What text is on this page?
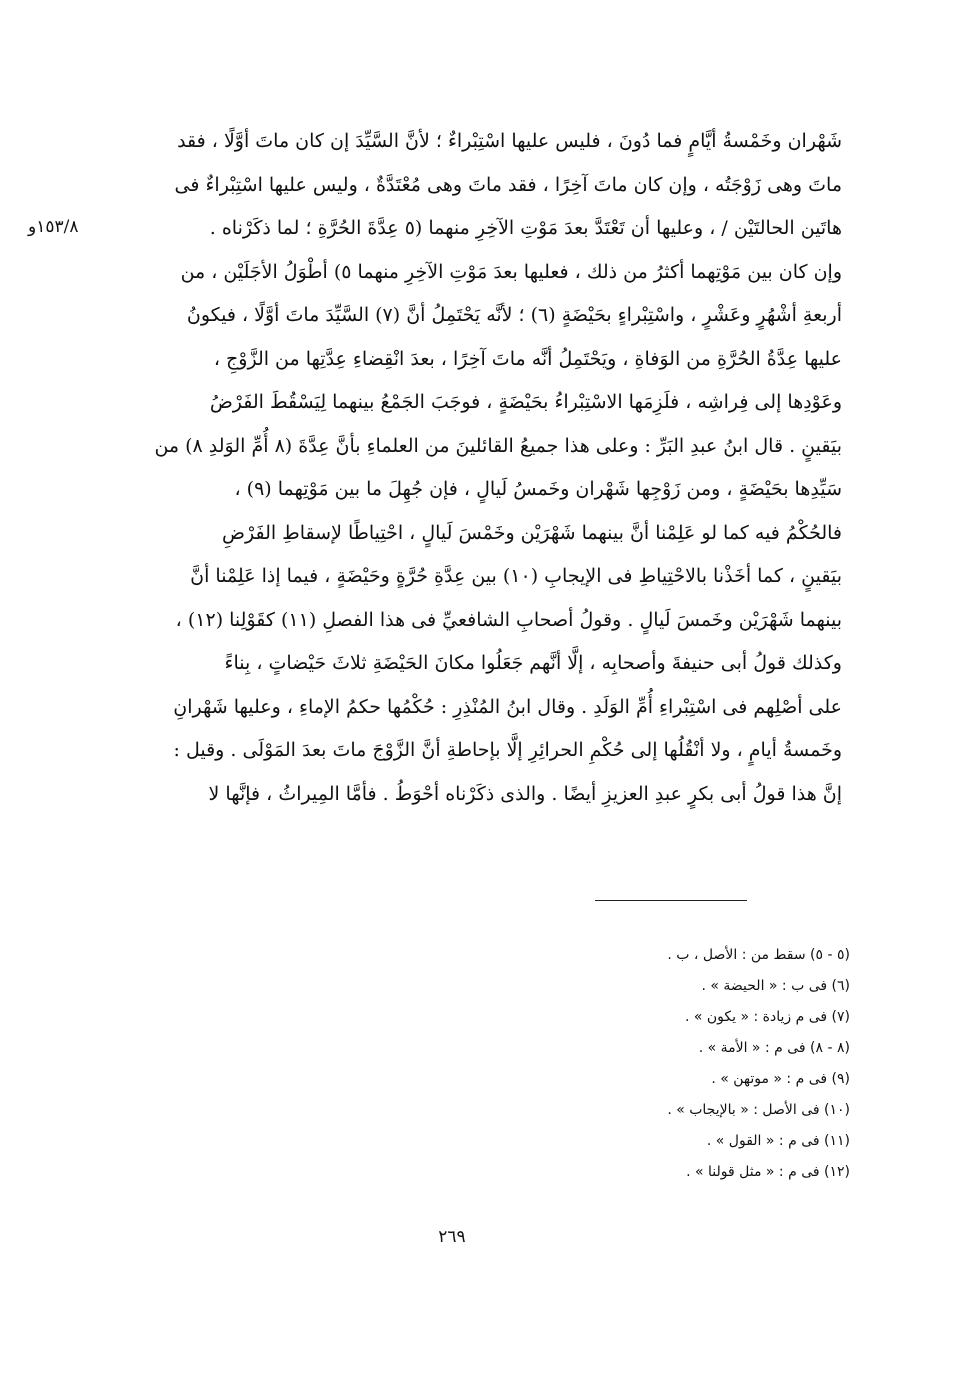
١٥٣/٨و
شَهْران وخَمْسةُ أيَّامٍ فما دُونَ ، فليس عليها اسْتِبْراءٌ ؛ لأنَّ السَّيِّدَ إن كان ماتَ أوَّلًا ، فقد
ماتَ وهى زَوْجَتُه ، وإن كان ماتَ آخِرًا ، فقد ماتَ وهى مُعْتَدَّةٌ ، وليس عليها اسْتِبْراءٌ فى
هاتَين الحالتَيْن / ، وعليها أن تَعْتَدَّ بعدَ مَوْتِ الآخِرِ منهما (٥ عِدَّةَ الحُرَّةِ ؛ لما ذكَرْناه .
وإن كان بين مَوْتِهما أكثرُ من ذلك ، فعليها بعدَ مَوْتِ الآخِرِ منهما ٥) أطْوَلُ الأجَلَيْن ، من
أربعةِ أشْهُرٍ وعَشْرٍ ، واسْتِبْراءٍ بحَيْضَةٍ (٦) ؛ لأنَّه يَحْتَمِلُ أنَّ (٧) السَّيِّدَ ماتَ أوَّلًا ، فيكونُ
عليها عِدَّةُ الحُرَّةِ من الوَفاةِ ، ويَحْتَمِلُ أنَّه ماتَ آخِرًا ، بعدَ انْقِضاءِ عِدَّتِها من الزَّوْجِ ،
وعَوْدِها إلى فِراشِه ، فلَزِمَها الاسْتِبْراءُ بحَيْضَةٍ ، فوجَبَ الجَمْعُ بينهما لِيَسْقُطَ الفَرْضُ
بيَقينٍ . قال ابنُ عبدِ البَرِّ : وعلى هذا جميعُ القائلينَ من العلماءِ بأنَّ عِدَّةَ (٨ أُمِّ الوَلدِ ٨) من
سَيِّدِها بحَيْضَةٍ ، ومن زَوْجِها شَهْران وخَمسُ لَيالٍ ، فإن جُهِلَ ما بين مَوْتِهما (٩) ،
فالحُكْمُ فيه كما لو عَلِمْنا أنَّ بينهما شَهْرَيْن وخَمْسَ لَيالٍ ، احْتِياطًا لإسقاطِ الفَرْضِ
بيَقينٍ ، كما أخَذْنا بالاحْتِياطِ فى الإيجابِ (١٠) بين عِدَّةِ حُرَّةٍ وحَيْضَةٍ ، فيما إذا عَلِمْنا أنَّ
بينهما شَهْرَيْن وخَمسَ لَيالٍ . وقولُ أصحابِ الشافعيِّ فى هذا الفصلِ (١١) كقَوْلِنا (١٢) ،
وكذلك قولُ أبى حنيفةَ وأصحابِه ، إلَّا أنَّهم جَعَلُوا مكانَ الحَيْضَةِ ثلاثَ حَيْضاتٍ ، بِناءً
على أصْلِهم فى اسْتِبْراءِ أُمِّ الوَلَدِ . وقال ابنُ المُنْذِرِ : حُكْمُها حكمُ الإماءِ ، وعليها شَهْرانِ
وخَمسةُ أيامٍ ، ولا أنْقُلُها إلى حُكْمِ الحرائِرِ إلَّا بإحاطةِ أنَّ الزَّوْجَ ماتَ بعدَ المَوْلَى . وقيل :
إنَّ هذا قولُ أبى بكرٍ عبدِ العزيزِ أيضًا . والذى ذكَرْناه أحْوَطُ . فأمَّا المِيراثُ ، فإنَّها لا
(٥ - ٥) سقط من : الأصل ، ب .
(٦) فى ب : « الحيضة » .
(٧) فى م زيادة : « يكون » .
(٨ - ٨) فى م : « الأمة » .
(٩) فى م : « موتهن » .
(١٠) فى الأصل : « بالإيجاب » .
(١١) فى م : « القول » .
(١٢) فى م : « مثل قولنا » .
٢٦٩
